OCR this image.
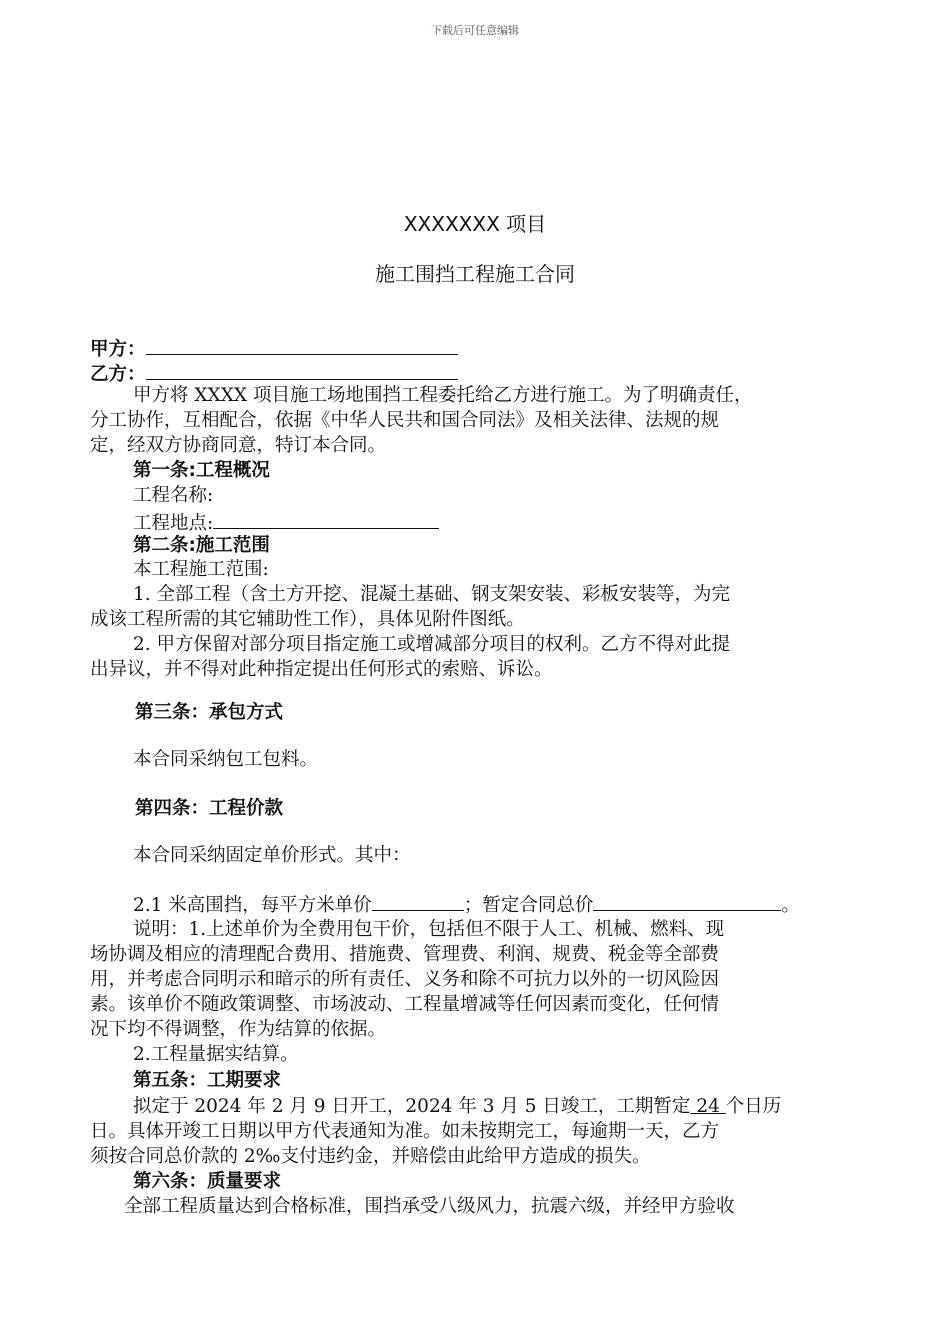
下载后可任意编辑
XXXXXXX 项目
施工围挡工程施工合同
甲方：
乙方：
甲方将 XXXX 项目施工场地围挡工程委托给乙方进行施工。为了明确责任，
分工协作，互相配合，依据《中华人民共和国合同法》及相关法律、法规的规
定，经双方协商同意，特订本合同。
第一条:工程概况
工程名称:
工程地点:
第二条:施工范围
本工程施工范围:
1. 全部工程（含土方开挖、混凝土基础、钢支架安装、彩板安装等，为完
成该工程所需的其它辅助性工作），具体见附件图纸。
2. 甲方保留对部分项目指定施工或增减部分项目的权利。乙方不得对此提
出异议，并不得对此种指定提出任何形式的索赔、诉讼。
第三条：承包方式
本合同采纳包工包料。
第四条：工程价款
本合同采纳固定单价形式。其中：
2.1 米高围挡，每平方米单价	；暂定合同总价	。
说明：1.上述单价为全费用包干价，包括但不限于人工、机械、燃料、现
场协调及相应的清理配合费用、措施费、管理费、利润、规费、税金等全部费
用，并考虑合同明示和暗示的所有责任、义务和除不可抗力以外的一切风险因
素。该单价不随政策调整、市场波动、工程量增减等任何因素而变化，任何情
况下均不得调整，作为结算的依据。
2.工程量据实结算。
第五条：工期要求
拟定于 2024 年 2 月 9 日开工，2024 年 3 月 5 日竣工，工期暂定 24 个日历
日。具体开竣工日期以甲方代表通知为准。如未按期完工，每逾期一天，乙方
须按合同总价款的 2‰支付违约金，并赔偿由此给甲方造成的损失。
第六条：质量要求
全部工程质量达到合格标准，围挡承受八级风力，抗震六级，并经甲方验收
